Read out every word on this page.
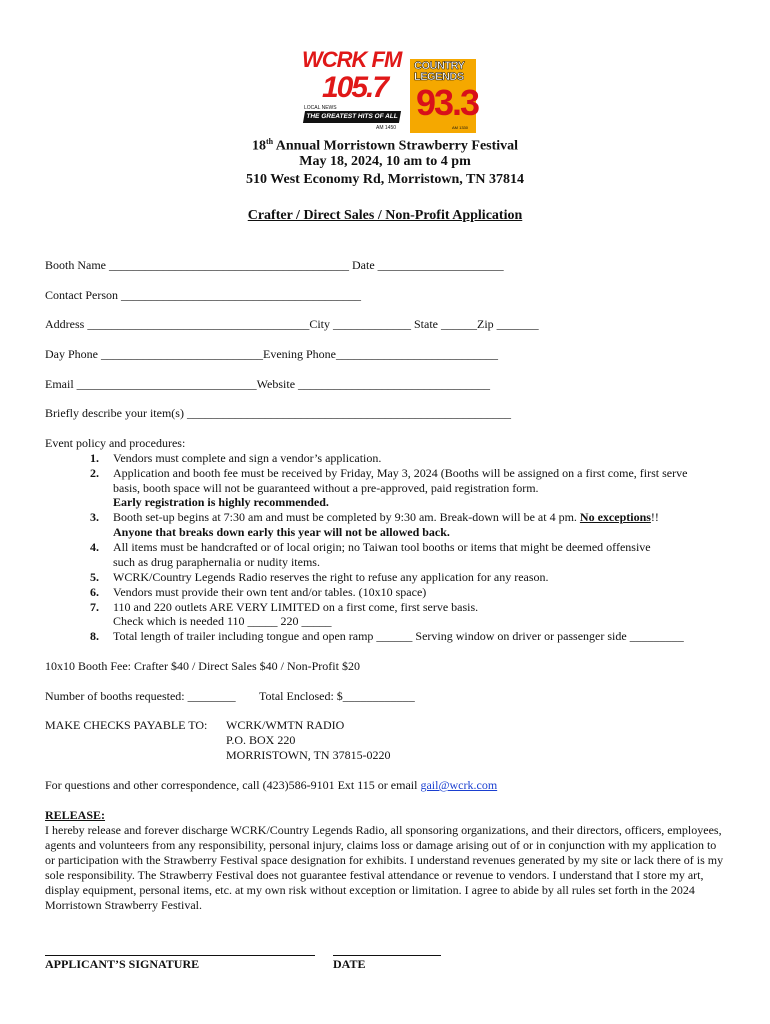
WCRK FM
105.7
LOCAL NEWS
THE GREATEST HITS OF ALL TIME	AM 1450
COUNTRY
LEGENDS
93.3
AM 1330
18th Annual Morristown Strawberry Festival
May 18, 2024, 10 am to 4 pm
510 West Economy Rd, Morristown, TN 37814
Crafter / Direct Sales / Non-Profit Application
Booth Name ________________________________________ Date _____________________
Contact Person ________________________________________
Address _____________________________________City _____________ State ______Zip _______
Day Phone ___________________________Evening Phone___________________________
Email ______________________________Website ________________________________
Briefly describe your item(s) ______________________________________________________
Event policy and procedures:
1.	Vendors must complete and sign a vendor’s application.
2.	Application and booth fee must be received by Friday, May 3, 2024 (Booths will be assigned on a first come, first serve
basis, booth space will not be guaranteed without a pre-approved, paid registration form.
Early registration is highly recommended.
3.	Booth set-up begins at 7:30 am and must be completed by 9:30 am. Break-down will be at 4 pm. No exceptions!!
Anyone that breaks down early this year will not be allowed back.
4.	All items must be handcrafted or of local origin; no Taiwan tool booths or items that might be deemed offensive
such as drug paraphernalia or nudity items.
5.	WCRK/Country Legends Radio reserves the right to refuse any application for any reason.
6.	Vendors must provide their own tent and/or tables. (10x10 space)
7.	110 and 220 outlets ARE VERY LIMITED on a first come, first serve basis.
Check which is needed 110 _____ 220 _____
8.	Total length of trailer including tongue and open ramp ______ Serving window on driver or passenger side _________
10x10 Booth Fee: Crafter $40 / Direct Sales $40 / Non-Profit $20
Number of booths requested: ________ Total Enclosed: $____________
MAKE CHECKS PAYABLE TO: WCRK/WMTN RADIO
P.O. BOX 220
MORRISTOWN, TN 37815-0220
For questions and other correspondence, call (423)586-9101 Ext 115 or email gail@wcrk.com
RELEASE:
I hereby release and forever discharge WCRK/Country Legends Radio, all sponsoring organizations, and their directors, officers, employees, agents and volunteers from any responsibility, personal injury, claims loss or damage arising out of or in conjunction with my application to or participation with the Strawberry Festival space designation for exhibits. I understand revenues generated by my site or lack there of is my sole responsibility. The Strawberry Festival does not guarantee festival attendance or revenue to vendors. I understand that I store my art, display equipment, personal items, etc. at my own risk without exception or limitation. I agree to abide by all rules set forth in the 2024 Morristown Strawberry Festival.
APPLICANT’S SIGNATURE	DATE
